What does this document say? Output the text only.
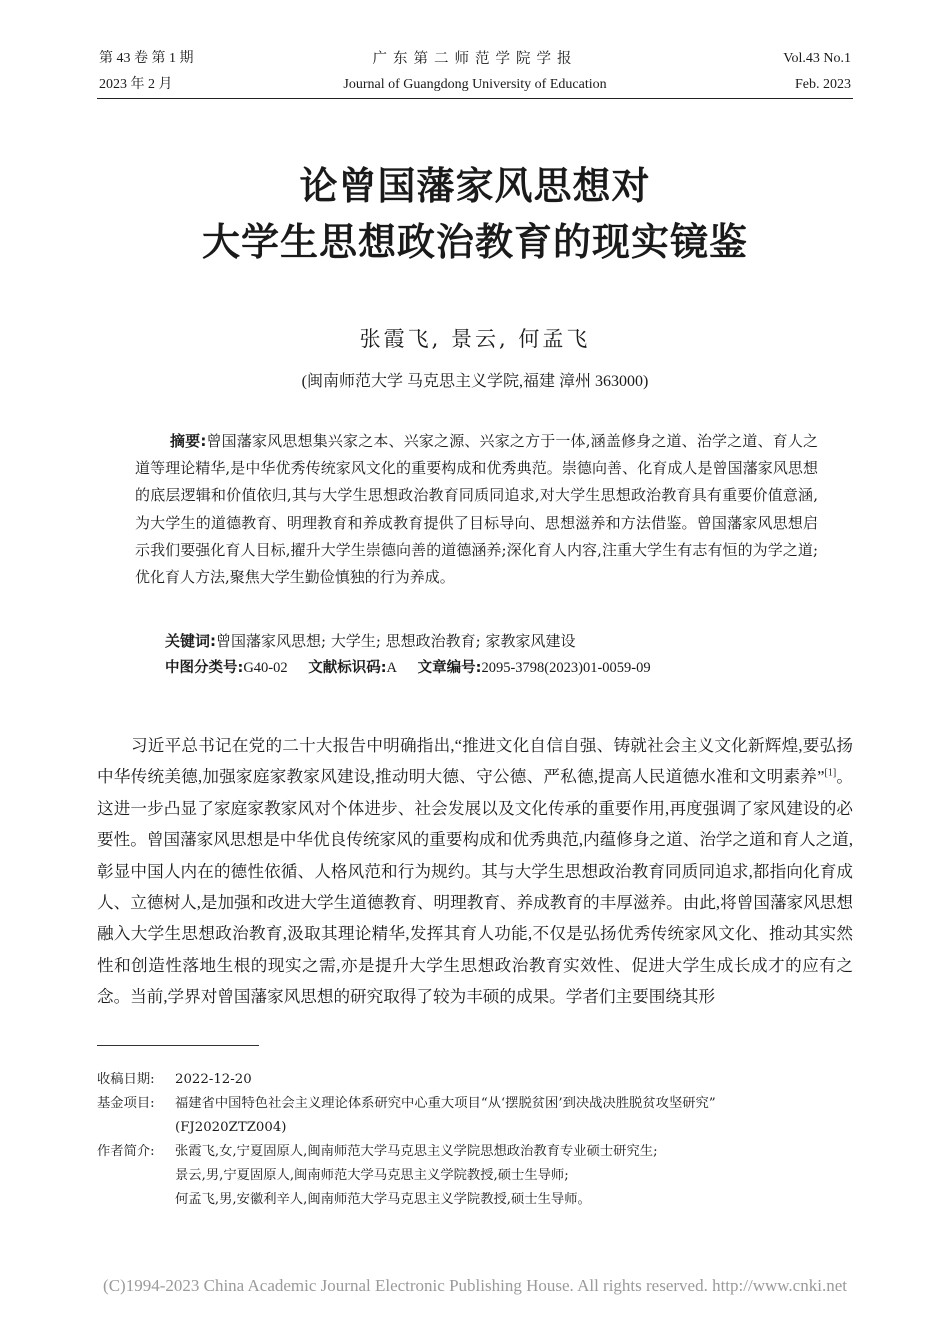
第 43 卷 第 1 期
2023 年 2 月
广东第二师范学院学报
Journal of Guangdong University of Education
Vol.43 No.1
Feb. 2023
论曾国藩家风思想对
大学生思想政治教育的现实镜鉴
张霞飞, 景云, 何孟飞
(闽南师范大学 马克思主义学院,福建 漳州 363000)
摘要:曾国藩家风思想集兴家之本、兴家之源、兴家之方于一体,涵盖修身之道、治学之道、育人之道等理论精华,是中华优秀传统家风文化的重要构成和优秀典范。崇德向善、化育成人是曾国藩家风思想的底层逻辑和价值依归,其与大学生思想政治教育同质同追求,对大学生思想政治教育具有重要价值意涵,为大学生的道德教育、明理教育和养成教育提供了目标导向、思想滋养和方法借鉴。曾国藩家风思想启示我们要强化育人目标,擢升大学生崇德向善的道德涵养;深化育人内容,注重大学生有志有恒的为学之道;优化育人方法,聚焦大学生勤俭慎独的行为养成。
关键词:曾国藩家风思想; 大学生; 思想政治教育; 家教家风建设
中图分类号:G40-02 文献标识码:A 文章编号:2095-3798(2023)01-0059-09
习近平总书记在党的二十大报告中明确指出,“推进文化自信自强、铸就社会主义文化新辉煌,要弘扬中华传统美德,加强家庭家教家风建设,推动明大德、守公德、严私德,提高人民道德水准和文明素养”[1]。这进一步凸显了家庭家教家风对个体进步、社会发展以及文化传承的重要作用,再度强调了家风建设的必要性。曾国藩家风思想是中华优良传统家风的重要构成和优秀典范,内蕴修身之道、治学之道和育人之道,彰显中国人内在的德性依循、人格风范和行为规约。其与大学生思想政治教育同质同追求,都指向化育成人、立德树人,是加强和改进大学生道德教育、明理教育、养成教育的丰厚滋养。由此,将曾国藩家风思想融入大学生思想政治教育,汲取其理论精华,发挥其育人功能,不仅是弘扬优秀传统家风文化、推动其实然性和创造性落地生根的现实之需,亦是提升大学生思想政治教育实效性、促进大学生成长成才的应有之念。当前,学界对曾国藩家风思想的研究取得了较为丰硕的成果。学者们主要围绕其形
收稿日期:	2022-12-20
基金项目:	福建省中国特色社会主义理论体系研究中心重大项目“从‘摆脱贫困’到决战决胜脱贫攻坚研究”
(FJ2020ZTZ004)
作者简介:	张霞飞,女,宁夏固原人,闽南师范大学马克思主义学院思想政治教育专业硕士研究生;
景云,男,宁夏固原人,闽南师范大学马克思主义学院教授,硕士生导师;
何孟飞,男,安徽利辛人,闽南师范大学马克思主义学院教授,硕士生导师。
(C)1994-2023 China Academic Journal Electronic Publishing House. All rights reserved. http://www.cnki.net
